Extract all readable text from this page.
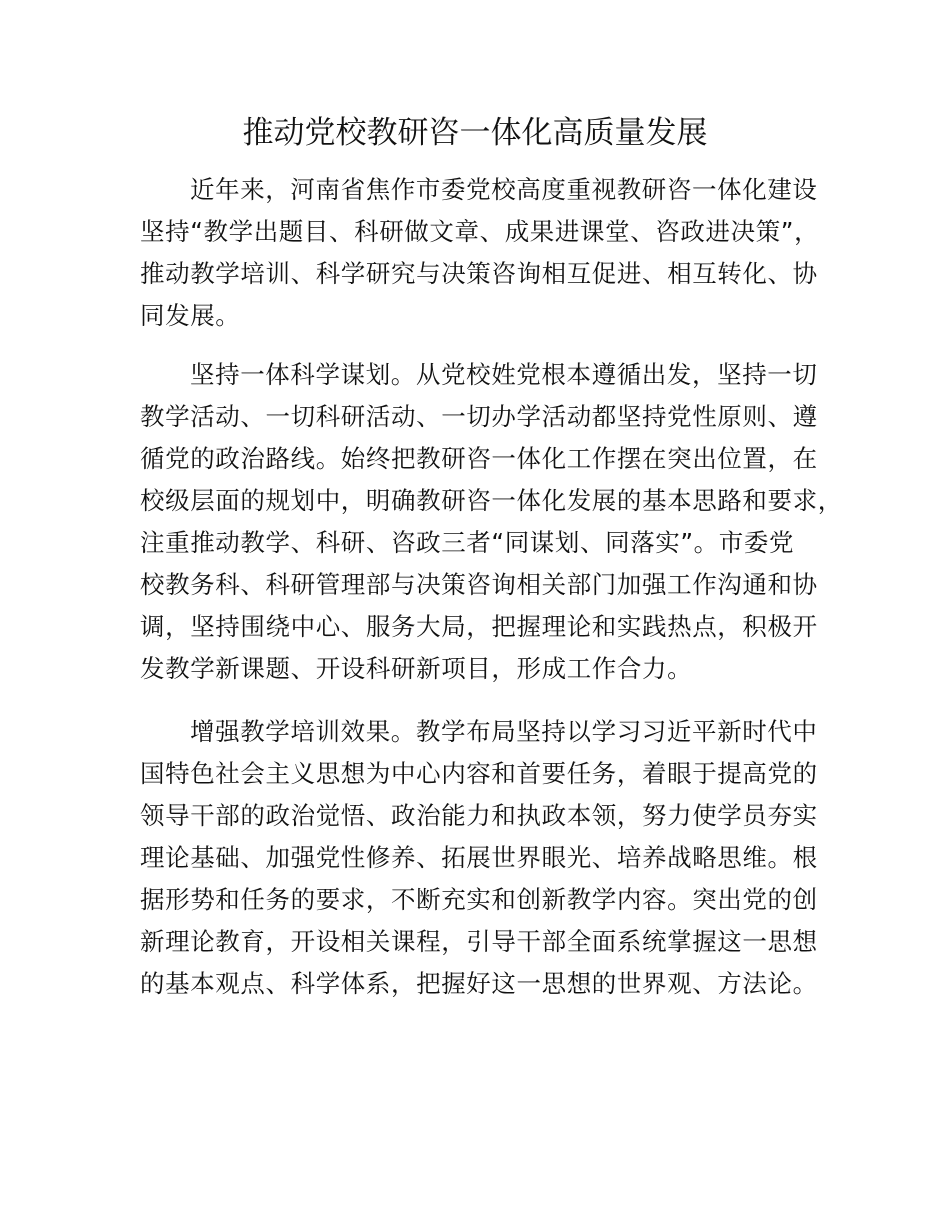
推动党校教研咨一体化高质量发展
近年来，河南省焦作市委党校高度重视教研咨一体化建设
坚持“教学出题目、科研做文章、成果进课堂、咨政进决策”，
推动教学培训、科学研究与决策咨询相互促进、相互转化、协
同发展。
坚持一体科学谋划。从党校姓党根本遵循出发，坚持一切
教学活动、一切科研活动、一切办学活动都坚持党性原则、遵
循党的政治路线。始终把教研咨一体化工作摆在突出位置，在
校级层面的规划中，明确教研咨一体化发展的基本思路和要求，
注重推动教学、科研、咨政三者“同谋划、同落实”。市委党
校教务科、科研管理部与决策咨询相关部门加强工作沟通和协
调，坚持围绕中心、服务大局，把握理论和实践热点，积极开
发教学新课题、开设科研新项目，形成工作合力。
增强教学培训效果。教学布局坚持以学习习近平新时代中
国特色社会主义思想为中心内容和首要任务，着眼于提高党的
领导干部的政治觉悟、政治能力和执政本领，努力使学员夯实
理论基础、加强党性修养、拓展世界眼光、培养战略思维。根
据形势和任务的要求，不断充实和创新教学内容。突出党的创
新理论教育，开设相关课程，引导干部全面系统掌握这一思想
的基本观点、科学体系，把握好这一思想的世界观、方法论。
